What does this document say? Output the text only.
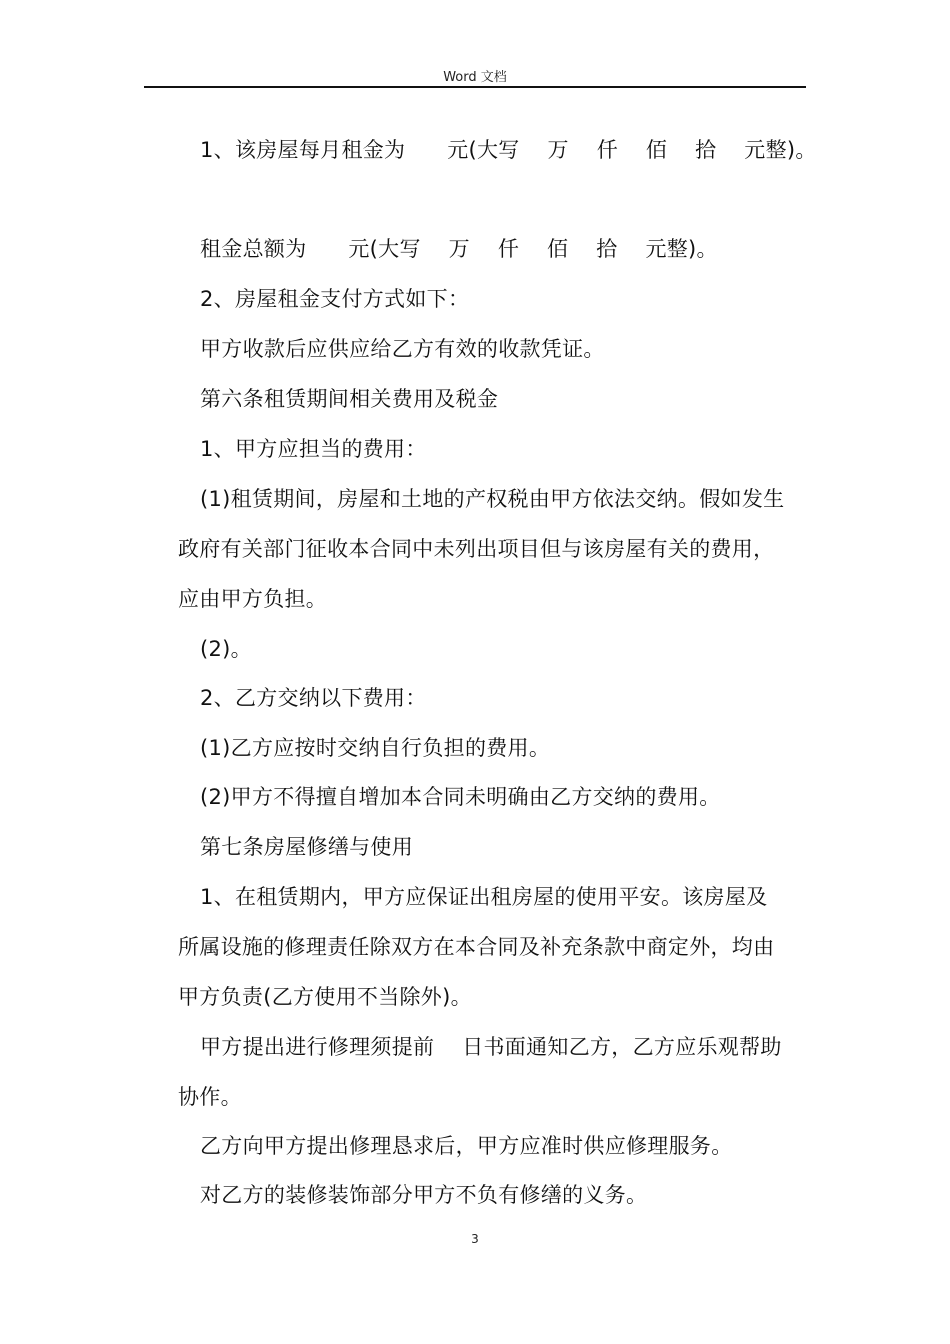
Word 文档
1、该房屋每月租金为      元(大写    万    仟    佰    拾    元整)。
租金总额为      元(大写    万    仟    佰    拾    元整)。
2、房屋租金支付方式如下：
甲方收款后应供应给乙方有效的收款凭证。
第六条租赁期间相关费用及税金
1、甲方应担当的费用：
(1)租赁期间，房屋和土地的产权税由甲方依法交纳。假如发生
政府有关部门征收本合同中未列出项目但与该房屋有关的费用，
应由甲方负担。
(2)。
2、乙方交纳以下费用：
(1)乙方应按时交纳自行负担的费用。
(2)甲方不得擅自增加本合同未明确由乙方交纳的费用。
第七条房屋修缮与使用
1、在租赁期内，甲方应保证出租房屋的使用平安。该房屋及
所属设施的修理责任除双方在本合同及补充条款中商定外，均由
甲方负责(乙方使用不当除外)。
甲方提出进行修理须提前    日书面通知乙方，乙方应乐观帮助
协作。
乙方向甲方提出修理恳求后，甲方应准时供应修理服务。
对乙方的装修装饰部分甲方不负有修缮的义务。
3
